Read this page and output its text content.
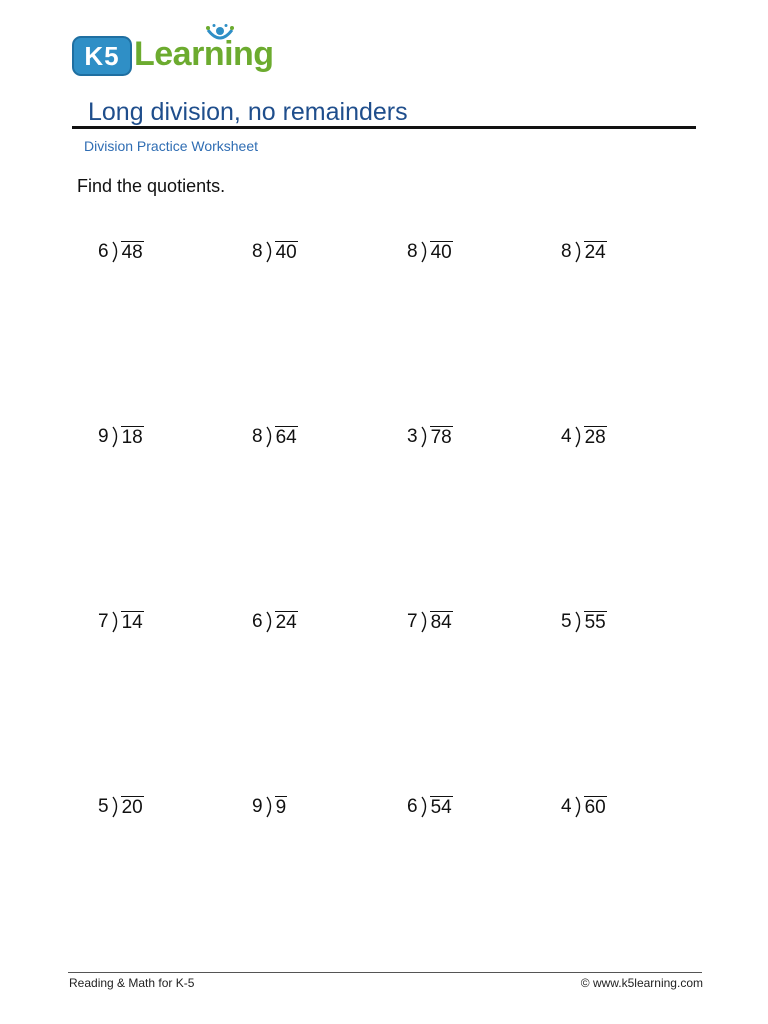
K5 Learning
Long division, no remainders
Division Practice Worksheet
Find the quotients.
6 48	8 40	8 40	8 24
9 18	8 64	3 78	4 28
7 14	6 24	7 84	5 55
5 20	9 9	6 54	4 60
Reading & Math for K-5	© www.k5learning.com
